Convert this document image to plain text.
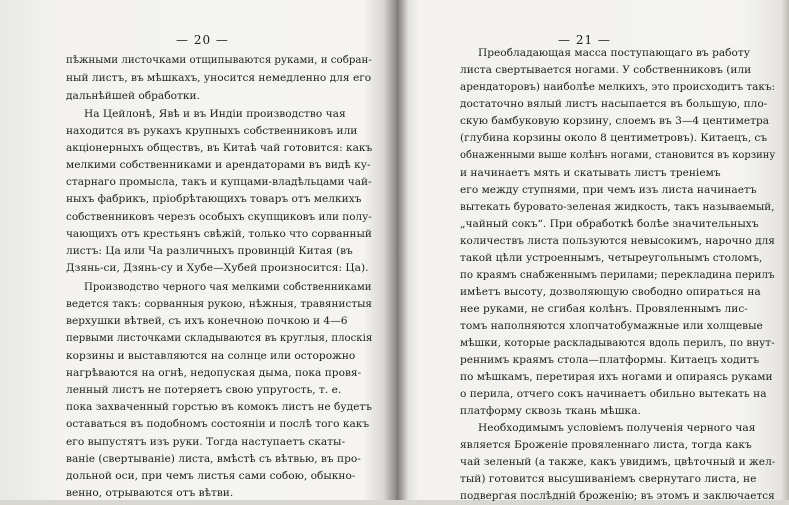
— 20 —
пѣжными листочками отщипываются руками, и собран-
ный листъ, въ мѣшкахъ, уносится немедленно для его
дальнѣйшей обработки.
На Цейлонѣ, Явѣ и въ Индіи производство чая
находится въ рукахъ крупныхъ собственниковъ или
акціонерныхъ обществъ, въ Китаѣ чай готовится: какъ
мелкими собственниками и арендаторами въ видѣ ку-
старнаго промысла, такъ и купцами-владѣльцами чай-
ныхъ фабрикъ, пріобрѣтающихъ товаръ отъ мелкихъ
собственниковъ черезъ особыхъ скупщиковъ или полу-
чающихъ отъ крестьянъ свѣжій, только что сорванный
листъ: Ца или Ча различныхъ провинцій Китая (въ
Дзянь-си, Дзянь-су и Хубе—Хубей произносится: Ца).
Производство черного чая мелкими собственниками
ведется такъ: сорванныя рукою, нѣжныя, травянистыя
верхушки вѣтвей, съ ихъ конечною почкою и 4—6
первыми листочками складываются въ круглыя, плоскія
корзины и выставляются на солнце или осторожно
нагрѣваются на огнѣ, недопуская дыма, пока провя-
ленный листъ не потеряетъ свою упругость, т. е.
пока захваченный горстью въ комокъ листъ не будетъ
оставаться въ подобномъ состояніи и послѣ того какъ
его выпустятъ изъ руки. Тогда наступаетъ скаты-
ваніе (свертываніе) листа, вмѣстѣ съ вѣтвью, въ про-
дольной оси, при чемъ листья сами собою, обыкно-
венно, отрываются отъ вѣтви.
— 21 —
Преобладающая масса поступающаго въ работу
листа свертывается ногами. У собственниковъ (или
арендаторовъ) наиболѣе мелкихъ, это происходитъ такъ:
достаточно вялый листъ насыпается въ большую, пло-
скую бамбуковую корзину, слоемъ въ 3—4 центиметра
(глубина корзины около 8 центиметровъ). Китаецъ, съ
обнаженными выше колѣнъ ногами, становится въ корзину
и начинаетъ мять и скатывать листъ треніемъ
его между ступнями, при чемъ изъ листа начинаетъ
вытекать буровато-зеленая жидкость, такъ называемый,
„чайный сокъ“. При обработкѣ болѣе значительныхъ
количествъ листа пользуются невысокимъ, нарочно для
такой цѣли устроеннымъ, четыреугольнымъ столомъ,
по краямъ снабженнымъ перилами; перекладина перилъ
имѣетъ высоту, дозволяющую свободно опираться на
нее руками, не сгибая колѣнъ. Провяленнымъ лис-
томъ наполняются хлопчатобумажные или холщевые
мѣшки, которые раскладываются вдоль перилъ, по внут-
реннимъ краямъ стола—платформы. Китаецъ ходитъ
по мѣшкамъ, перетирая ихъ ногами и опираясь руками
о перила, отчего сокъ начинаетъ обильно вытекать на
платформу сквозь ткань мѣшка.
Необходимымъ условіемъ полученія черного чая
является Броженіе провяленнаго листа, тогда какъ
чай зеленый (а также, какъ увидимъ, цвѣточный и жел-
тый) готовится высушиваніемъ свернутаго листа, не
подвергая послѣдній броженію; въ этомъ и заключается
